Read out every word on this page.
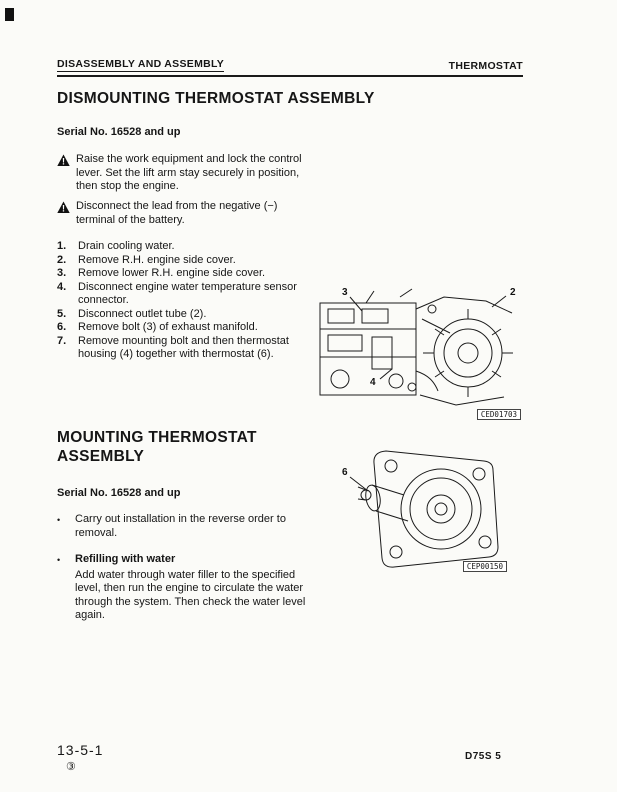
DISASSEMBLY AND ASSEMBLY	THERMOSTAT
DISMOUNTING THERMOSTAT ASSEMBLY
Serial No. 16528 and up
! Raise the work equipment and lock the control lever. Set the lift arm stay securely in position, then stop the engine.
! Disconnect the lead from the negative (−) terminal of the battery.
1.	Drain cooling water.
2.	Remove R.H. engine side cover.
3.	Remove lower R.H. engine side cover.
4.	Disconnect engine water temperature sensor connector.
5.	Disconnect outlet tube (2).
6.	Remove bolt (3) of exhaust manifold.
7.	Remove mounting bolt and then thermostat housing (4) together with thermostat (6).
2
3
4
CED01703
MOUNTING THERMOSTAT ASSEMBLY
Serial No. 16528 and up
•	Carry out installation in the reverse order to removal.
•	Refilling with water
Add water through water filler to the specified level, then run the engine to circulate the water through the system. Then check the water level again.
6
CEP00150
13-5-1
③
D75S 5
